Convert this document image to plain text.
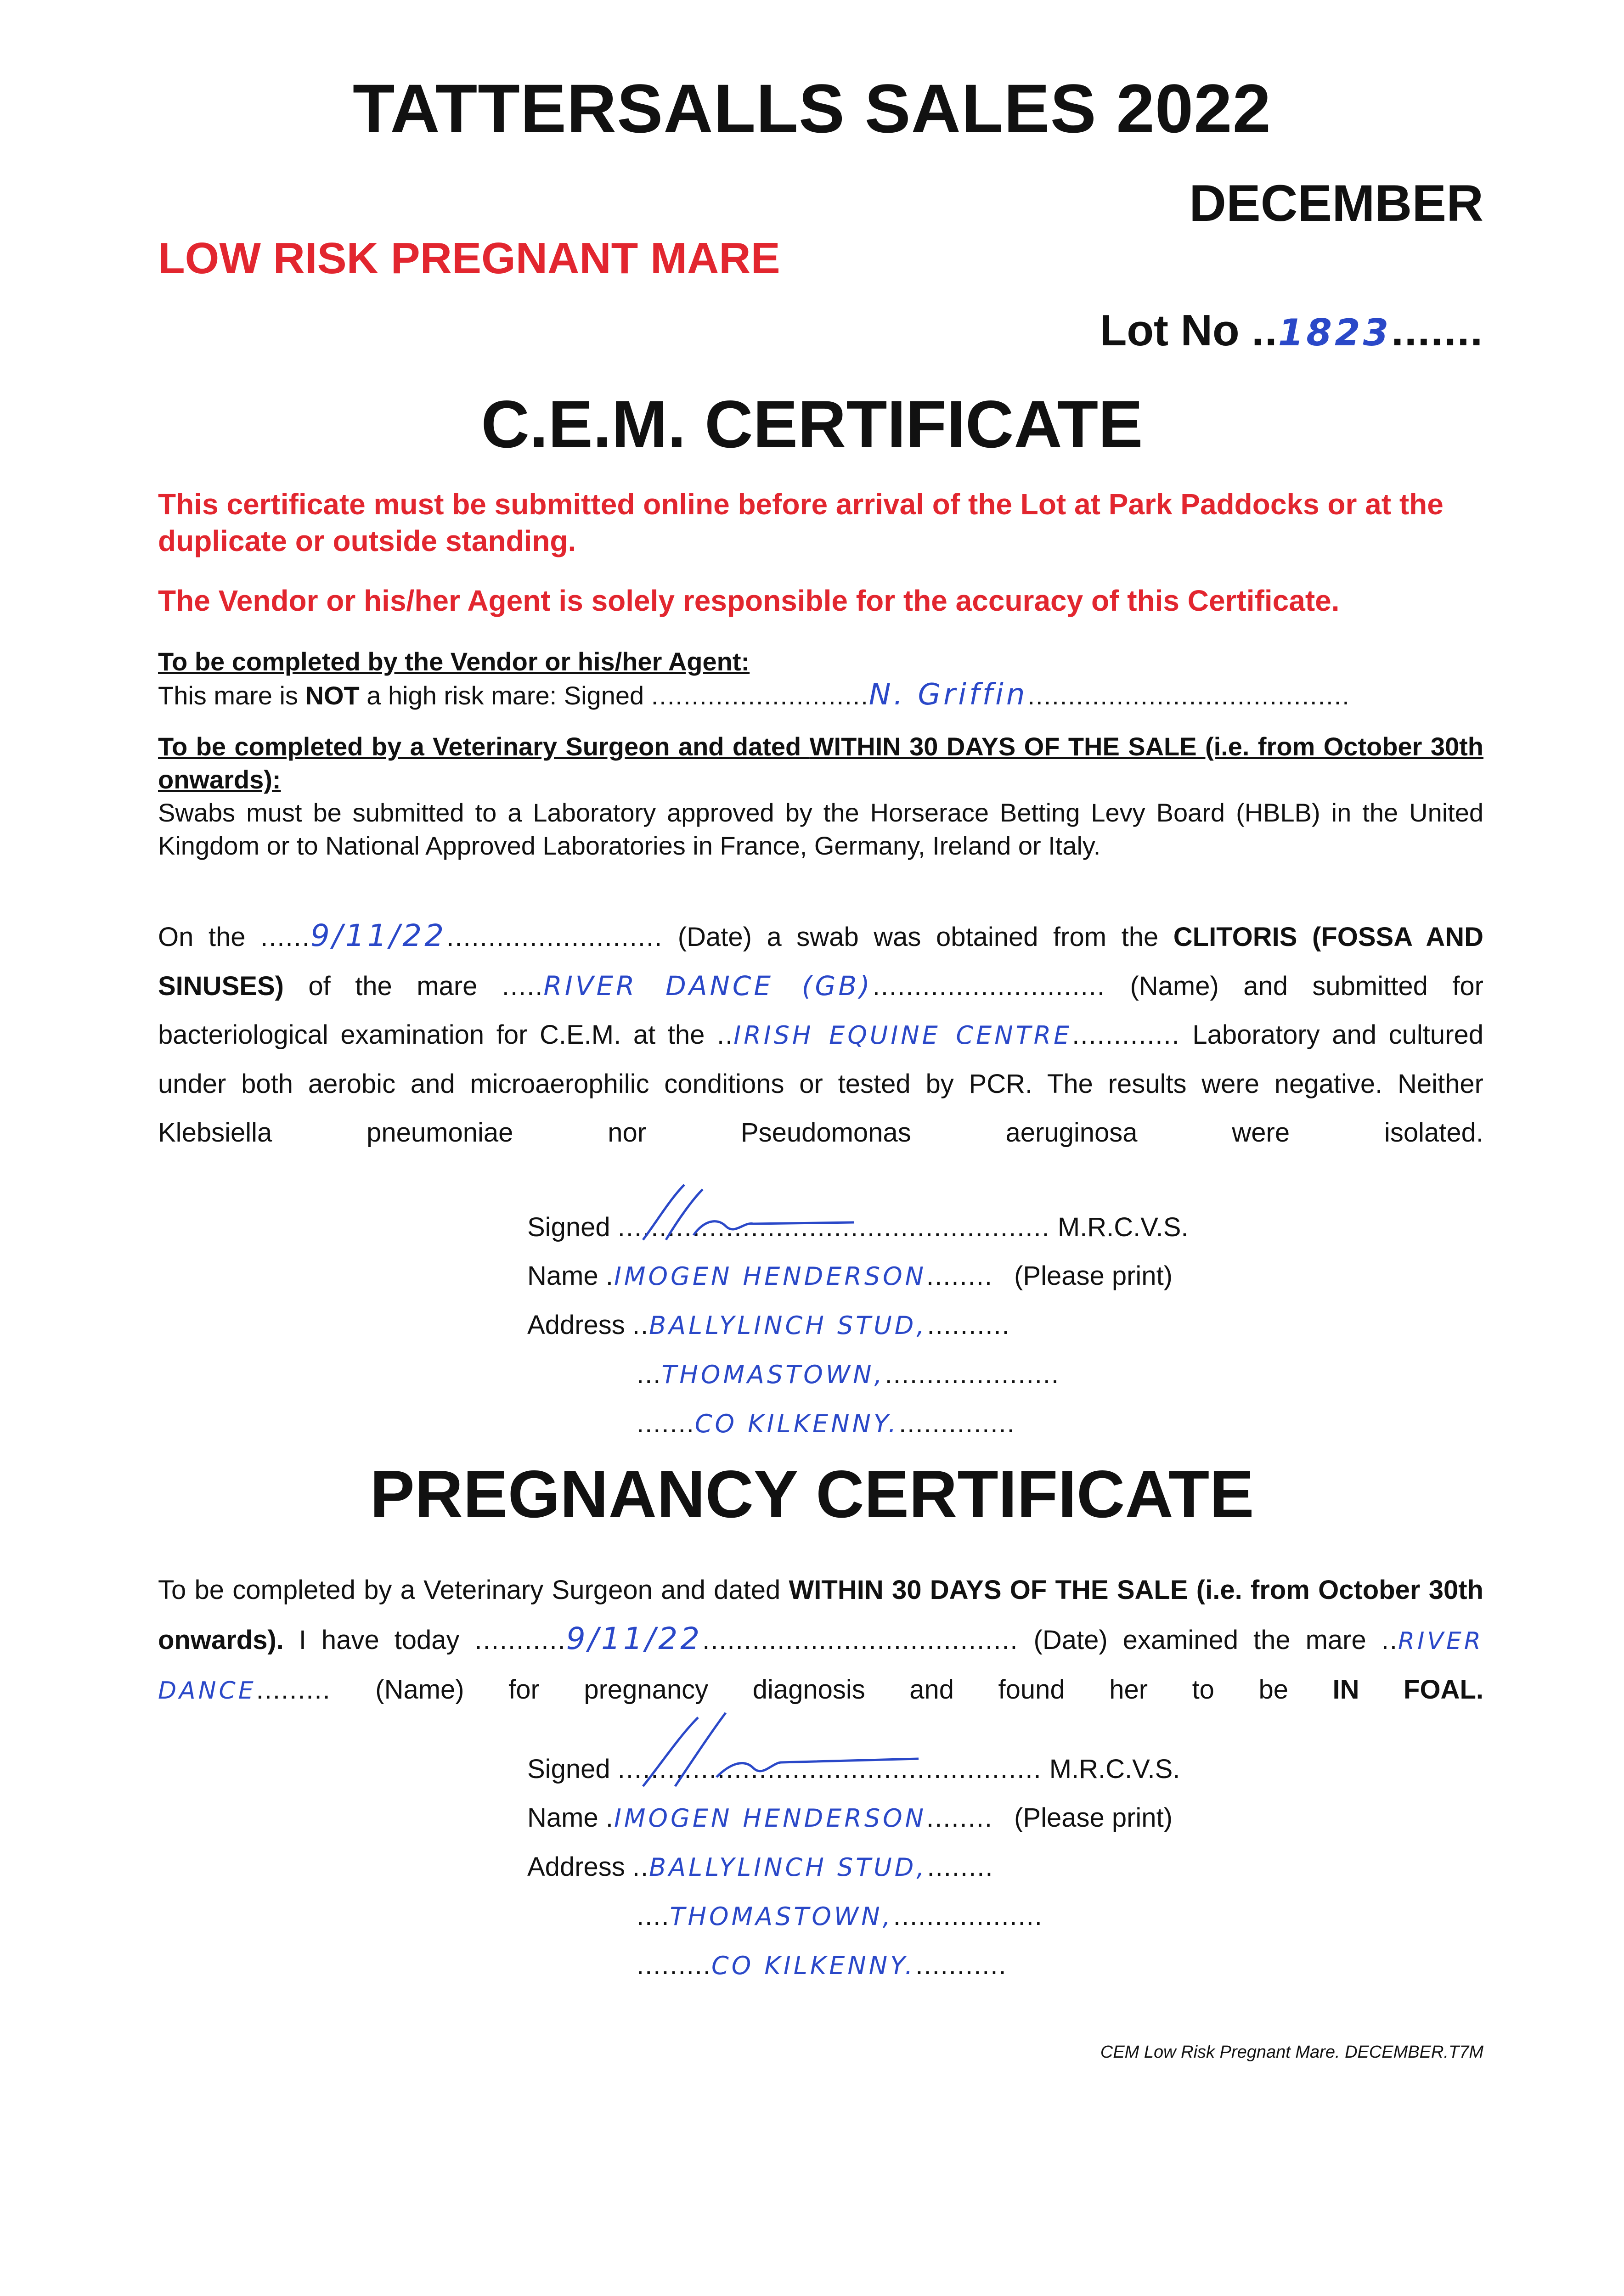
TATTERSALLS SALES 2022
DECEMBER
LOW RISK PREGNANT MARE
Lot No ..1823.......
C.E.M. CERTIFICATE
This certificate must be submitted online before arrival of the Lot at Park Paddocks or at the duplicate or outside standing.
The Vendor or his/her Agent is solely responsible for the accuracy of this Certificate.
To be completed by the Vendor or his/her Agent:
This mare is NOT a high risk mare: Signed ...........................N. Griffin........................................
To be completed by a Veterinary Surgeon and dated WITHIN 30 DAYS OF THE SALE (i.e. from October 30th onwards):
Swabs must be submitted to a Laboratory approved by the Horserace Betting Levy Board (HBLB) in the United Kingdom or to National Approved Laboratories in France, Germany, Ireland or Italy.
On the ......9/11/22.......................... (Date) a swab was obtained from the CLITORIS (FOSSA AND SINUSES) of the mare .....RIVER DANCE (GB)............................ (Name) and submitted for bacteriological examination for C.E.M. at the ..IRISH EQUINE CENTRE............. Laboratory and cultured under both aerobic and microaerophilic conditions or tested by PCR. The results were negative. Neither Klebsiella pneumoniae nor Pseudomonas aeruginosa were isolated.
Signed .................................................... M.R.C.V.S.
Name .IMOGEN HENDERSON........ (Please print)
Address ..BALLYLINCH STUD,..........
...THOMASTOWN,.....................
.......CO KILKENNY...............
PREGNANCY CERTIFICATE
To be completed by a Veterinary Surgeon and dated WITHIN 30 DAYS OF THE SALE (i.e. from October 30th onwards). I have today ...........9/11/22...................................... (Date) examined the mare ..RIVER DANCE......... (Name) for pregnancy diagnosis and found her to be IN FOAL.
Signed ................................................... M.R.C.V.S.
Name .IMOGEN HENDERSON........ (Please print)
Address ..BALLYLINCH STUD,........
....THOMASTOWN,..................
.........CO KILKENNY............
CEM Low Risk Pregnant Mare. DECEMBER.T7M
